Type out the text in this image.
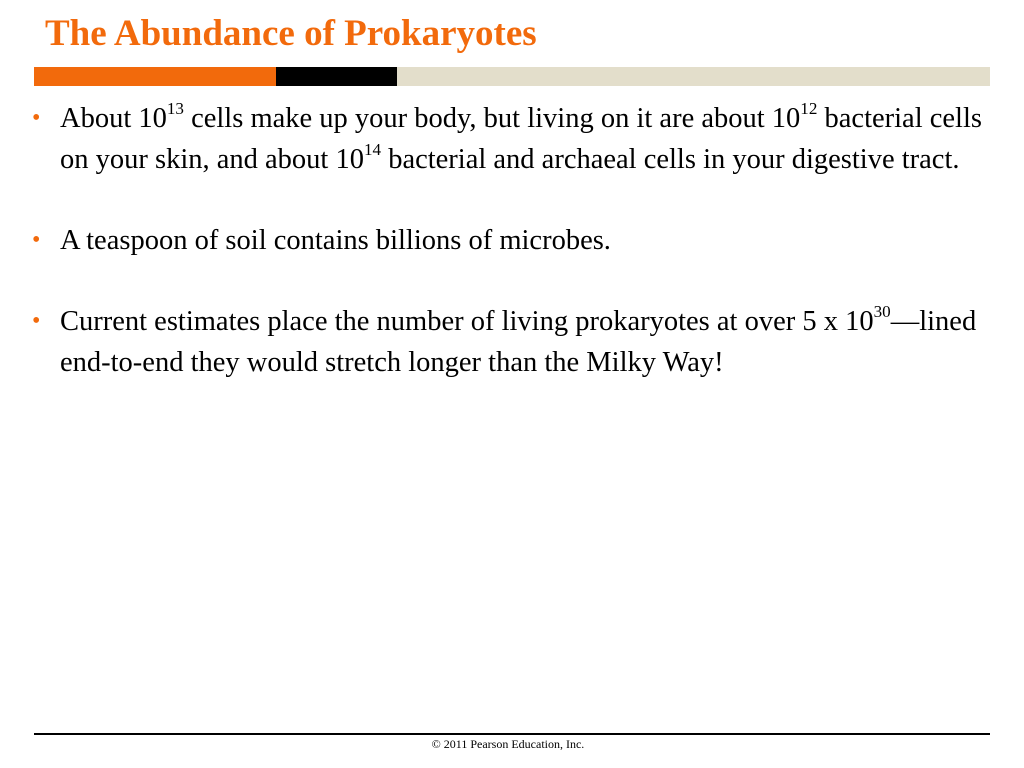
The Abundance of Prokaryotes
• About $10^{13}$ cells make up your body, but living on it are about $10^{12}$ bacterial cells on your skin, and about $10^{14}$ bacterial and archaeal cells in your digestive tract.
• A teaspoon of soil contains billions of microbes.
• Current estimates place the number of living prokaryotes at over 5 x $10^{30}—lined$ end-to-end they would stretch longer than the Milky Way!
© 2011 Pearson Education, Inc.
